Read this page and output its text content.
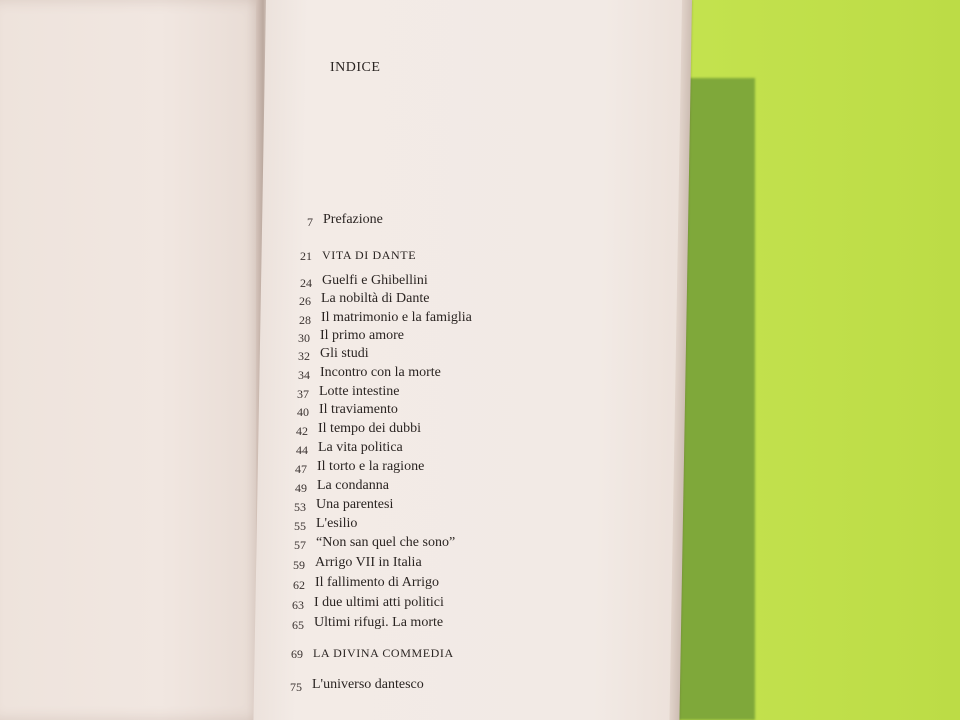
INDICE
7 Prefazione
21 VITA DI DANTE
24 Guelfi e Ghibellini
26 La nobiltà di Dante
28 Il matrimonio e la famiglia
30 Il primo amore
32 Gli studi
34 Incontro con la morte
37 Lotte intestine
40 Il traviamento
42 Il tempo dei dubbi
44 La vita politica
47 Il torto e la ragione
49 La condanna
53 Una parentesi
55 L'esilio
57 “Non san quel che sono”
59 Arrigo VII in Italia
62 Il fallimento di Arrigo
63 I due ultimi atti politici
65 Ultimi rifugi. La morte
69 LA DIVINA COMMEDIA
75 L'universo dantesco
